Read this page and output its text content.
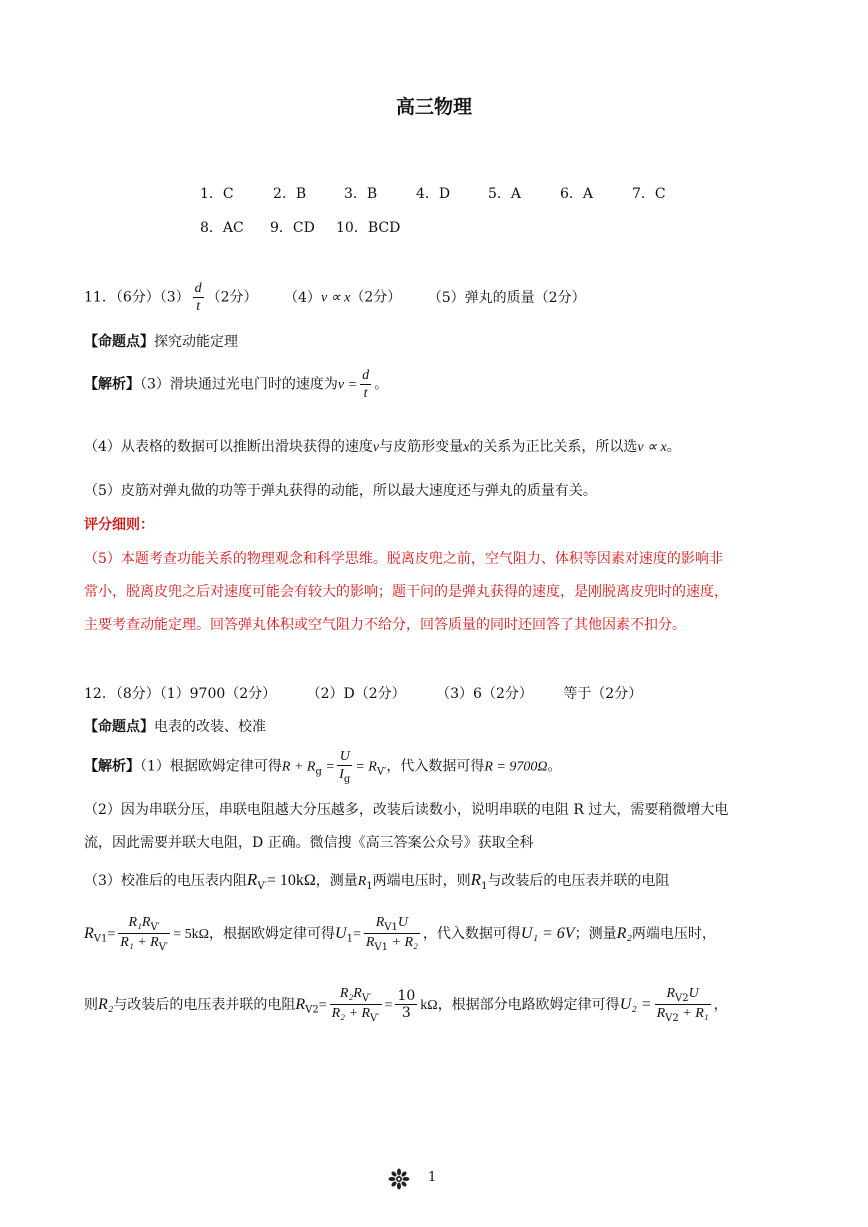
高三物理
1．C	2．B	3．B	4．D	5．A	6．A	7．C
8．AC 9．CD 10．BCD
11．（6分）$(3) \frac{d}{t} (2$分） （4）v ∝ x（2分） （5）弹丸的质量（2分）
【命题点】探究动能定理
【解析】（3）滑块通过光电门时的速度为$v = \frac{d}{t}$ 。
（4）从表格的数据可以推断出滑块获得的速度v与皮筋形变量x的关系为正比关系，所以选v ∝ x。
（5）皮筋对弹丸做的功等于弹丸获得的动能，所以最大速度还与弹丸的质量有关。
评分细则：
（5）本题考查功能关系的物理观念和科学思维。脱离皮兜之前，空气阻力、体积等因素对速度的影响非
常小，脱离皮兜之后对速度可能会有较大的影响；题干问的是弹丸获得的速度，是刚脱离皮兜时的速度，
主要考查动能定理。回答弹丸体积或空气阻力不给分，回答质量的同时还回答了其他因素不扣分。
12．（8分）（1）9700（2分） （2）D（2分） （3）6（2分） 等于（2分）
【命题点】电表的改装、校准
【解析】（1）根据欧姆定律可得$R + R_g = \frac{U}{I_g} = R_{V'}$，代入数据可得R = 9700Ω。
（2）因为串联分压，串联电阻越大分压越多，改装后读数小，说明串联的电阻 R 过大，需要稍微增大电
流，因此需要并联大电阻，D 正确。微信搜《高三答案公众号》获取全科
（3）校准后的电压表内阻$R_{V'}= 10k\Omega$，测量$R_1$两端电压时，则$R_1$与改装后的电压表并联的电阻
$R_{V1}= \frac{R_1R_{V'}}{R_1 + R_{V'}} = 5k\Omega$，根据欧姆定律可得$U_1= \frac{R_{V1}U}{R_{V1} + R_2}$ ，代入数据可得U₁ = 6V；测量R₂两端电压时，
则R₂与改装后的电压表并联的电阻$R_{V2}= \frac{R_2R_{V'}}{R_2 + R_{V'}} = \frac{10}{3}$ kΩ，根据部分电路欧姆定律可得$U_2 = \frac{R_{V2}U}{R_{V2} + R_1}$ ，
1
